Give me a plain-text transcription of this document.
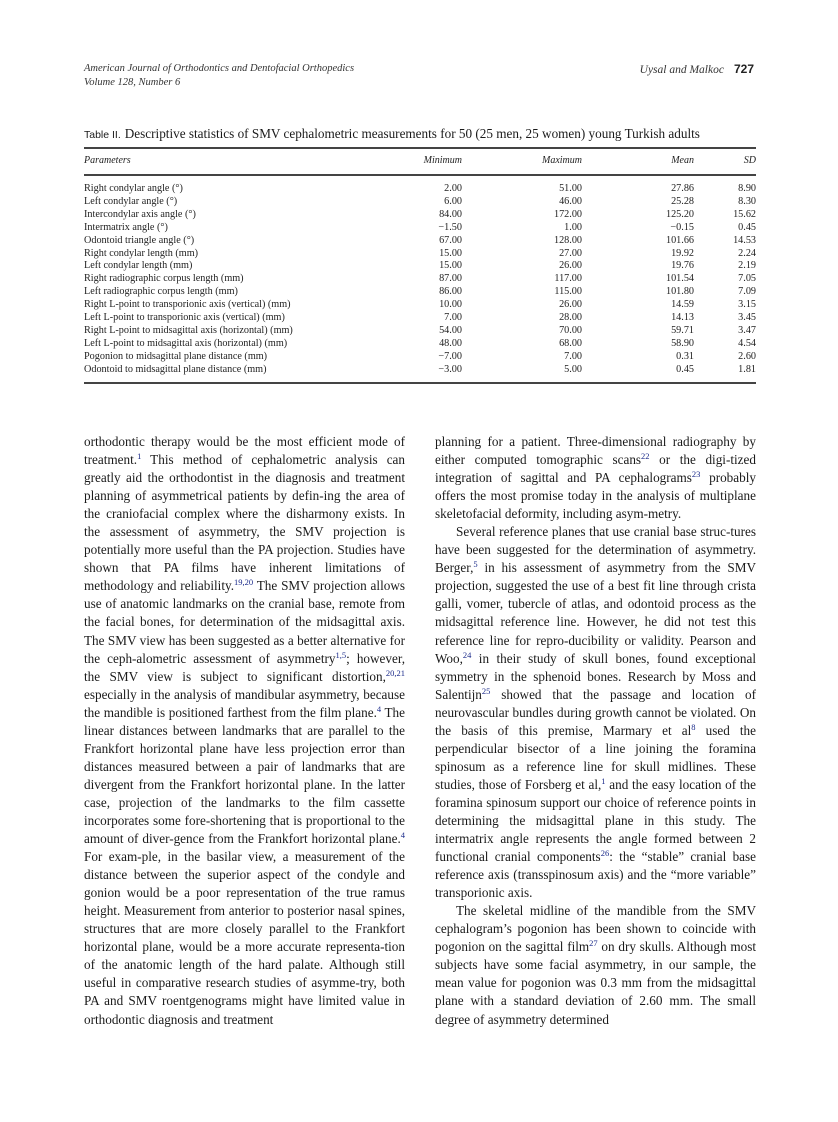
American Journal of Orthodontics and Dentofacial Orthopedics
Volume 128, Number 6
Uysal and Malkoc 727
Table II. Descriptive statistics of SMV cephalometric measurements for 50 (25 men, 25 women) young Turkish adults
Parameters	Minimum	Maximum	Mean	SD
Right condylar angle (°)	2.00	51.00	27.86	8.90
Left condylar angle (°)	6.00	46.00	25.28	8.30
Intercondylar axis angle (°)	84.00	172.00	125.20	15.62
Intermatrix angle (°)	−1.50	1.00	−0.15	0.45
Odontoid triangle angle (°)	67.00	128.00	101.66	14.53
Right condylar length (mm)	15.00	27.00	19.92	2.24
Left condylar length (mm)	15.00	26.00	19.76	2.19
Right radiographic corpus length (mm)	87.00	117.00	101.54	7.05
Left radiographic corpus length (mm)	86.00	115.00	101.80	7.09
Right L-point to transporionic axis (vertical) (mm)	10.00	26.00	14.59	3.15
Left L-point to transporionic axis (vertical) (mm)	7.00	28.00	14.13	3.45
Right L-point to midsagittal axis (horizontal) (mm)	54.00	70.00	59.71	3.47
Left L-point to midsagittal axis (horizontal) (mm)	48.00	68.00	58.90	4.54
Pogonion to midsagittal plane distance (mm)	−7.00	7.00	0.31	2.60
Odontoid to midsagittal plane distance (mm)	−3.00	5.00	0.45	1.81

orthodontic therapy would be the most efficient mode of treatment.$^1$ This method of cephalometric analysis can greatly aid the orthodontist in the diagnosis and treatment planning of asymmetrical patients by defin-ing the area of the craniofacial complex where the disharmony exists. In the assessment of asymmetry, the SMV projection is potentially more useful than the PA projection. Studies have shown that PA films have inherent limitations of methodology and reliability.$^{19,20}$ The SMV projection allows use of anatomic landmarks on the cranial base, remote from the facial bones, for determination of the midsagittal axis. The SMV view has been suggested as a better alternative for the ceph-alometric assessment of asymmetry$^{1,5}$; however, the SMV view is subject to significant distortion,$^{20,21}$ especially in the analysis of mandibular asymmetry, because the mandible is positioned farthest from the film plane.$^4$ The linear distances between landmarks that are parallel to the Frankfort horizontal plane have less projection error than distances measured between a pair of landmarks that are divergent from the Frankfort horizontal plane. In the latter case, projection of the landmarks to the film cassette incorporates some fore-shortening that is proportional to the amount of diver-gence from the Frankfort horizontal plane.$^4$ For exam-ple, in the basilar view, a measurement of the distance between the superior aspect of the condyle and gonion would be a poor representation of the true ramus height. Measurement from anterior to posterior nasal spines, structures that are more closely parallel to the Frankfort horizontal plane, would be a more accurate representa-tion of the anatomic length of the hard palate. Although still useful in comparative research studies of asymme-try, both PA and SMV roentgenograms might have limited value in orthodontic diagnosis and treatment

planning for a patient. Three-dimensional radiography by either computed tomographic scans$^{22}$ or the digi-tized integration of sagittal and PA cephalograms$^{23}$ probably offers the most promise today in the analysis of multiplane skeletofacial deformity, including asym-metry.

Several reference planes that use cranial base struc-tures have been suggested for the determination of asymmetry. Berger,$^5$ in his assessment of asymmetry from the SMV projection, suggested the use of a best fit line through crista galli, vomer, tubercle of atlas, and odontoid process as the midsagittal reference line. However, he did not test this reference line for repro-ducibility or validity. Pearson and Woo,$^{24}$ in their study of skull bones, found exceptional symmetry in the sphenoid bones. Research by Moss and Salentijn$^{25}$ showed that the passage and location of neurovascular bundles during growth cannot be violated. On the basis of this premise, Marmary et al$^8$ used the perpendicular bisector of a line joining the foramina spinosum as a reference line for skull midlines. These studies, those of Forsberg et al,$^1$ and the easy location of the foramina spinosum support our choice of reference points in determining the midsagittal plane in this study. The intermatrix angle represents the angle formed between 2 functional cranial components$^{26}$: the “stable” cranial base reference axis (transspinosum axis) and the “more variable” transporionic axis.

The skeletal midline of the mandible from the SMV cephalogram’s pogonion has been shown to coincide with pogonion on the sagittal film$^{27}$ on dry skulls. Although most subjects have some facial asymmetry, in our sample, the mean value for pogonion was 0.3 mm from the midsagittal plane with a standard deviation of 2.60 mm. The small degree of asymmetry determined
